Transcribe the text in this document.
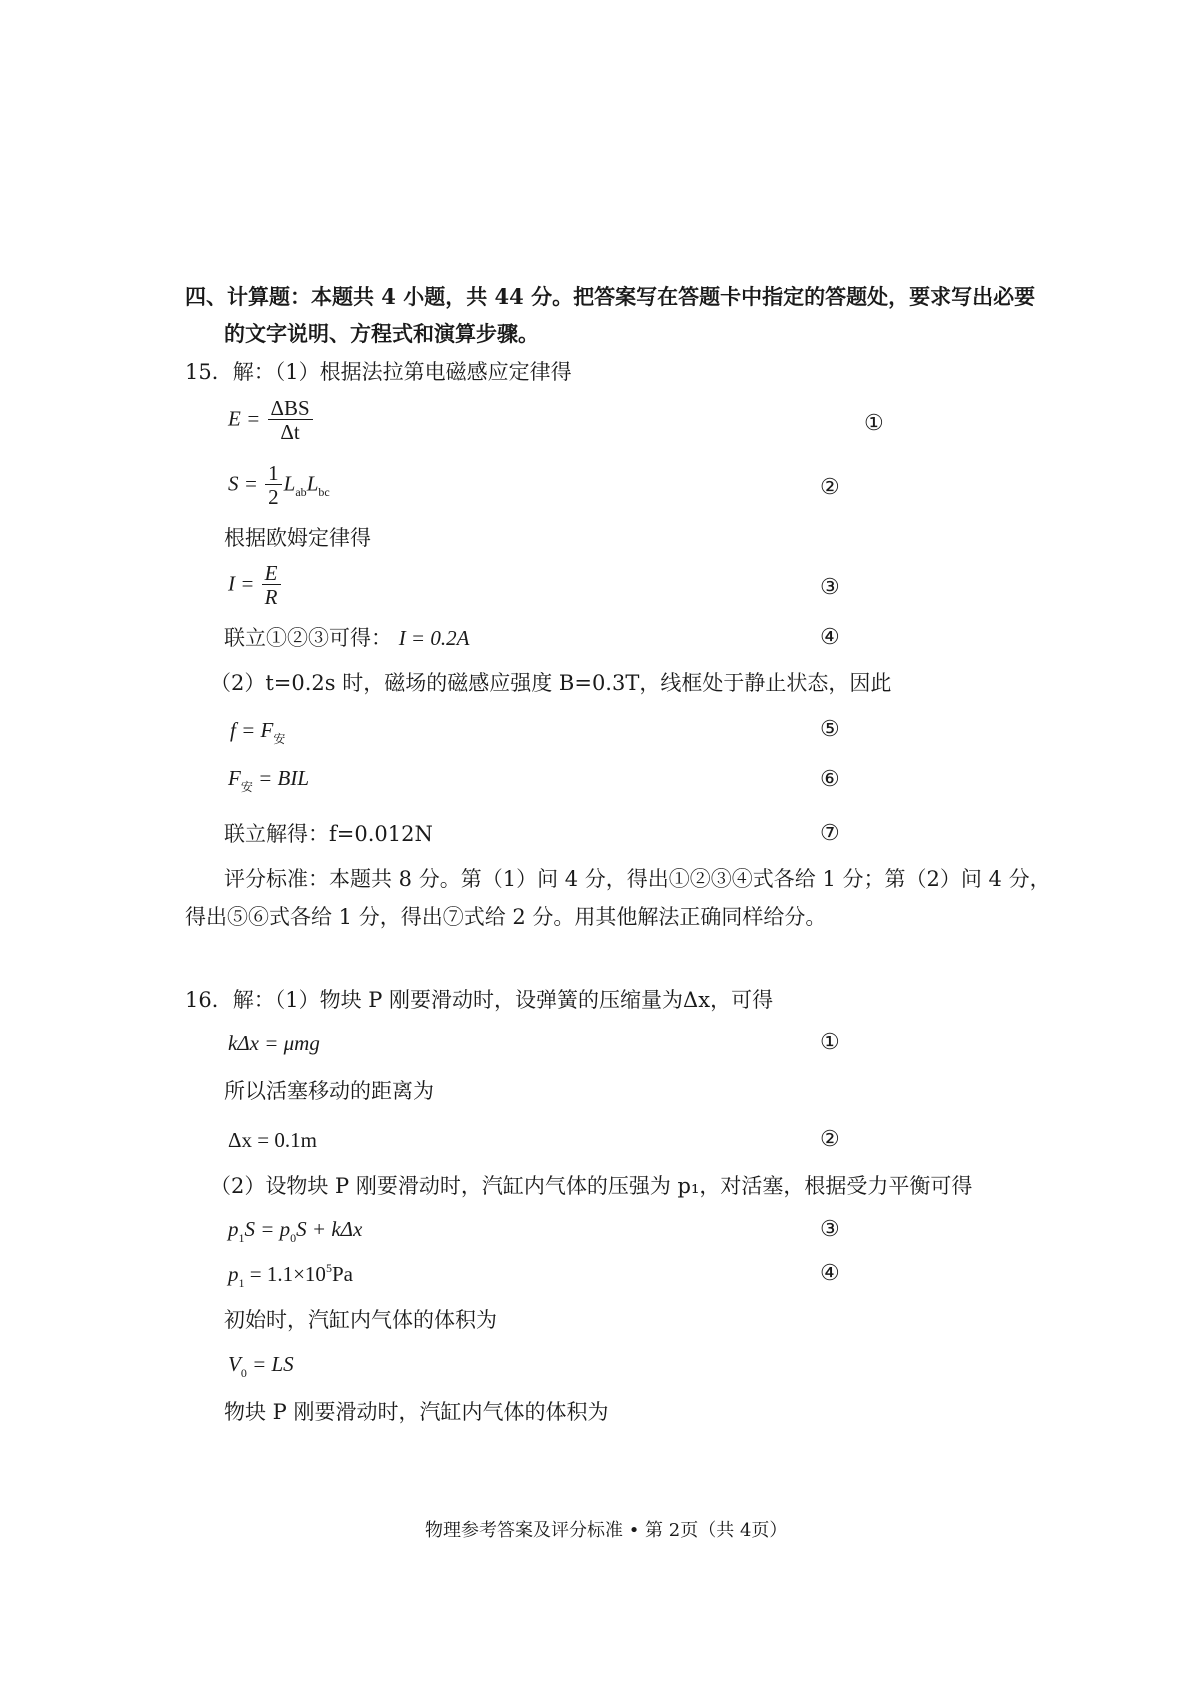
四、计算题：本题共 4 小题，共 44 分。把答案写在答题卡中指定的答题处，要求写出必要
的文字说明、方程式和演算步骤。
15．解：（1）根据法拉第电磁感应定律得
$E = \frac{\text{ΔBS}}{\Delta t}$	①
$S = \frac{1}{2} L_{ab}L_{bc}$	②
根据欧姆定律得
$I = \frac{E}{R}$	③
联立①②③可得： I = 0.2A	④
（2）t=0.2s 时，磁场的磁感应强度 B=0.3T，线框处于静止状态，因此
$f = F_安$	⑤
$F_安$ = BIL	⑥
联立解得：f=0.012N	⑦
评分标准：本题共 8 分。第（1）问 4 分，得出①②③④式各给 1 分；第（2）问 4 分，
得出⑤⑥式各给 1 分，得出⑦式给 2 分。用其他解法正确同样给分。
16．解：（1）物块 P 刚要滑动时，设弹簧的压缩量为Δx，可得
kΔx = μmg	①
所以活塞移动的距离为
Δx = 0.1m	②
（2）设物块 P 刚要滑动时，汽缸内气体的压强为 p₁，对活塞，根据受力平衡可得
$p_1S = p_0S + k\Delta x$	③
$p_1 = 1.1\times 10^5Pa$	④
初始时，汽缸内气体的体积为
$V_0$ = LS
物块 P 刚要滑动时，汽缸内气体的体积为
物理参考答案及评分标准 • 第 2页（共 4页）
